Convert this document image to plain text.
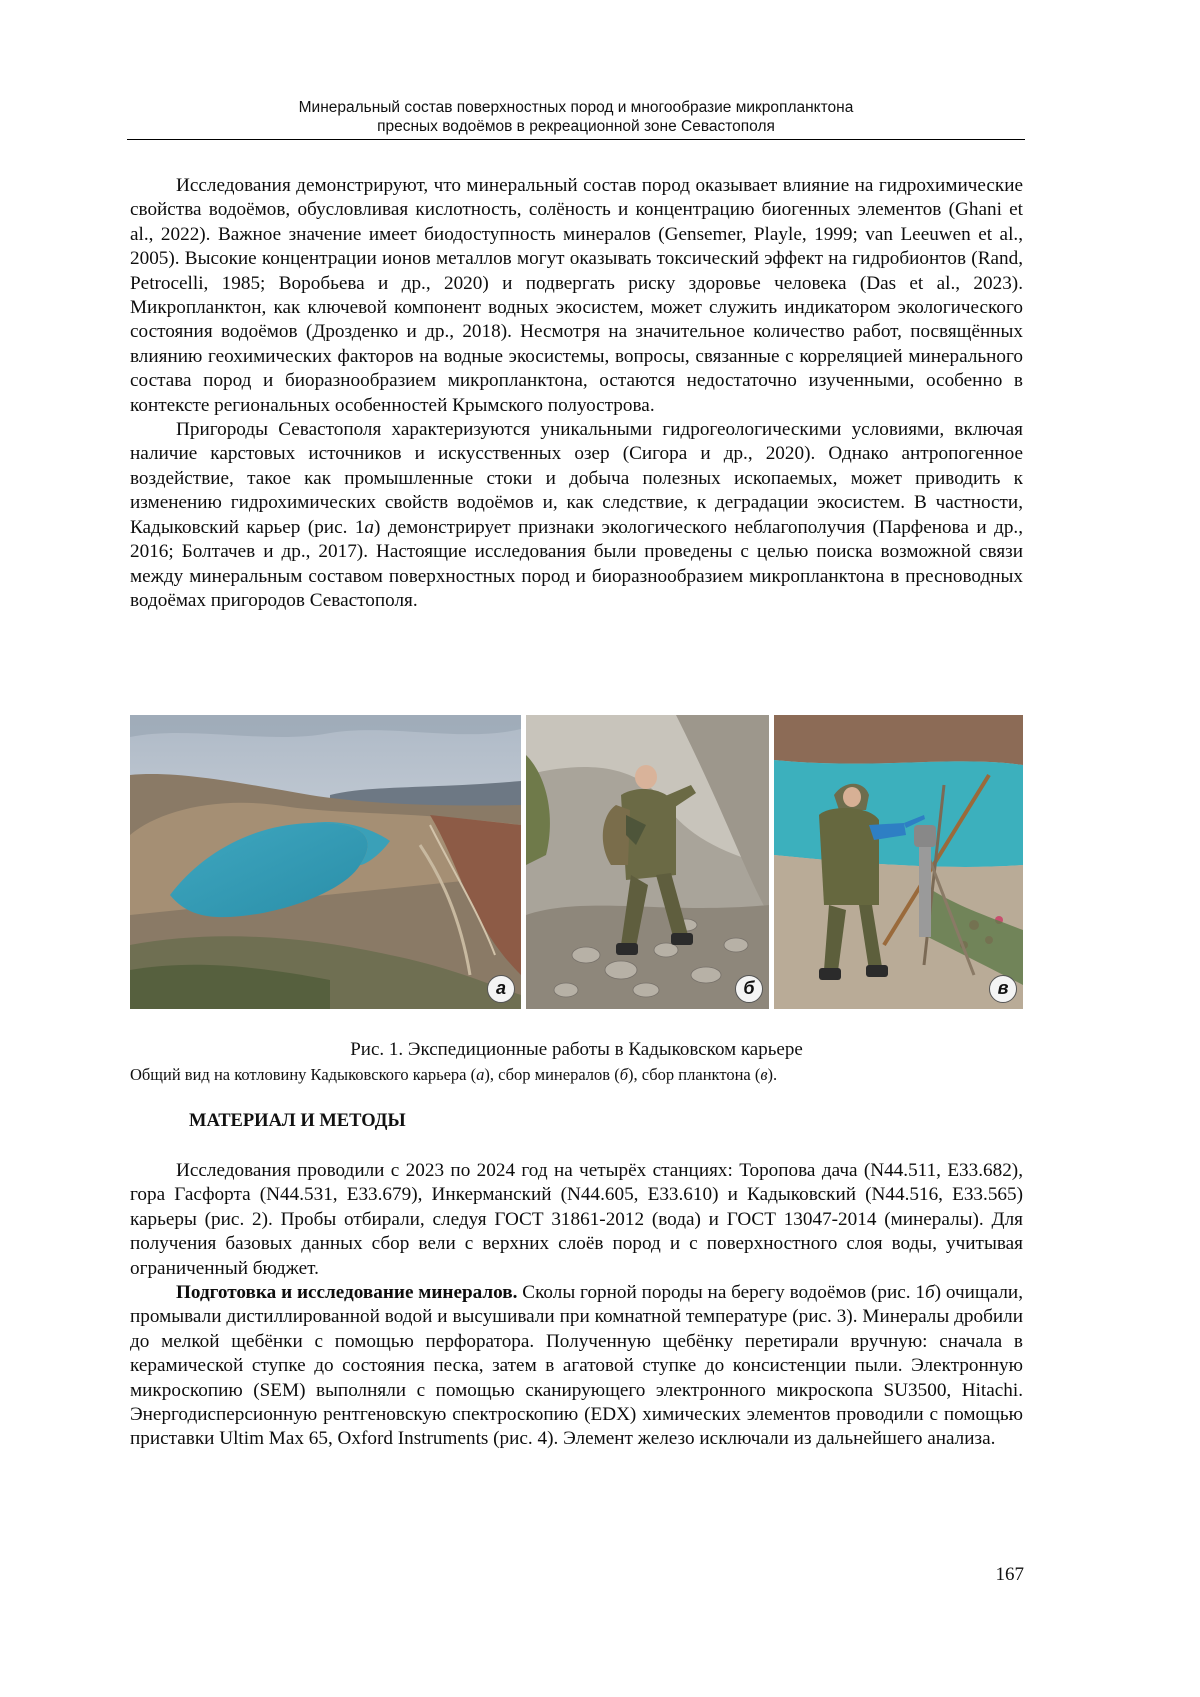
Минеральный состав поверхностных пород и многообразие микропланктона
пресных водоёмов в рекреационной зоне Севастополя

Исследования демонстрируют, что минеральный состав пород оказывает влияние на гидрохимические свойства водоёмов, обусловливая кислотность, солёность и концентрацию биогенных элементов (Ghani et al., 2022). Важное значение имеет биодоступность минералов (Gensemer, Playle, 1999; van Leeuwen et al., 2005). Высокие концентрации ионов металлов могут оказывать токсический эффект на гидробионтов (Rand, Petrocelli, 1985; Воробьева и др., 2020) и подвергать риску здоровье человека (Das et al., 2023). Микропланктон, как ключевой компонент водных экосистем, может служить индикатором экологического состояния водоёмов (Дрозденко и др., 2018). Несмотря на значительное количество работ, посвящённых влиянию геохимических факторов на водные экосистемы, вопросы, связанные с корреляцией минерального состава пород и биоразнообразием микропланктона, остаются недостаточно изученными, особенно в контексте региональных особенностей Крымского полуострова.

Пригороды Севастополя характеризуются уникальными гидрогеологическими условиями, включая наличие карстовых источников и искусственных озер (Сигора и др., 2020). Однако антропогенное воздействие, такое как промышленные стоки и добыча полезных ископаемых, может приводить к изменению гидрохимических свойств водоёмов и, как следствие, к деградации экосистем. В частности, Кадыковский карьер (рис. 1а) демонстрирует признаки экологического неблагополучия (Парфенова и др., 2016; Болтачев и др., 2017). Настоящие исследования были проведены с целью поиска возможной связи между минеральным составом поверхностных пород и биоразнообразием микропланктона в пресноводных водоёмах пригородов Севастополя.

а	б	в
Рис. 1. Экспедиционные работы в Кадыковском карьере
Общий вид на котловину Кадыковского карьера (а), сбор минералов (б), сбор планктона (в).
МАТЕРИАЛ И МЕТОДЫ

Исследования проводили с 2023 по 2024 год на четырёх станциях: Торопова дача (N44.511, E33.682), гора Гасфорта (N44.531, E33.679), Инкерманский (N44.605, E33.610) и Кадыковский (N44.516, E33.565) карьеры (рис. 2). Пробы отбирали, следуя ГОСТ 31861-2012 (вода) и ГОСТ 13047-2014 (минералы). Для получения базовых данных сбор вели с верхних слоёв пород и с поверхностного слоя воды, учитывая ограниченный бюджет.

Подготовка и исследование минералов. Сколы горной породы на берегу водоёмов (рис. 1б) очищали, промывали дистиллированной водой и высушивали при комнатной температуре (рис. 3). Минералы дробили до мелкой щебёнки с помощью перфоратора. Полученную щебёнку перетирали вручную: сначала в керамической ступке до состояния песка, затем в агатовой ступке до консистенции пыли. Электронную микроскопию (SEM) выполняли с помощью сканирующего электронного микроскопа SU3500, Hitachi. Энергодисперсионную рентгеновскую спектроскопию (EDX) химических элементов проводили с помощью приставки Ultim Max 65, Oxford Instruments (рис. 4). Элемент железо исключали из дальнейшего анализа.

167
